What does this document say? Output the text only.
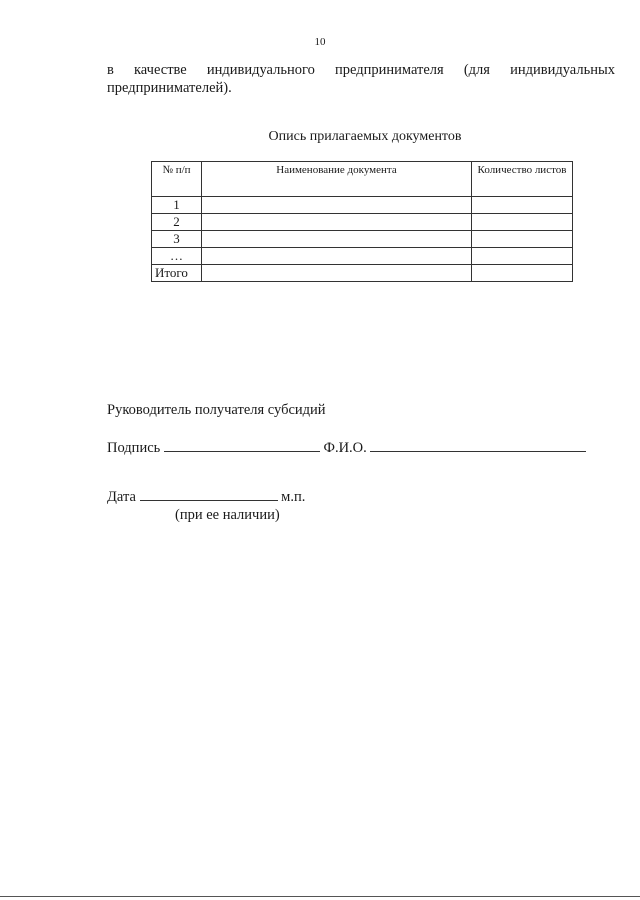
10
в качестве индивидуального предпринимателя (для индивидуальных
предпринимателей).
Опись прилагаемых документов
№ п/п	Наименование документа	Количество листов
1		
2		
3		
…		
Итого		
Руководитель получателя субсидий
Подпись	Ф.И.О.
Дата	м.п.
(при ее наличии)
